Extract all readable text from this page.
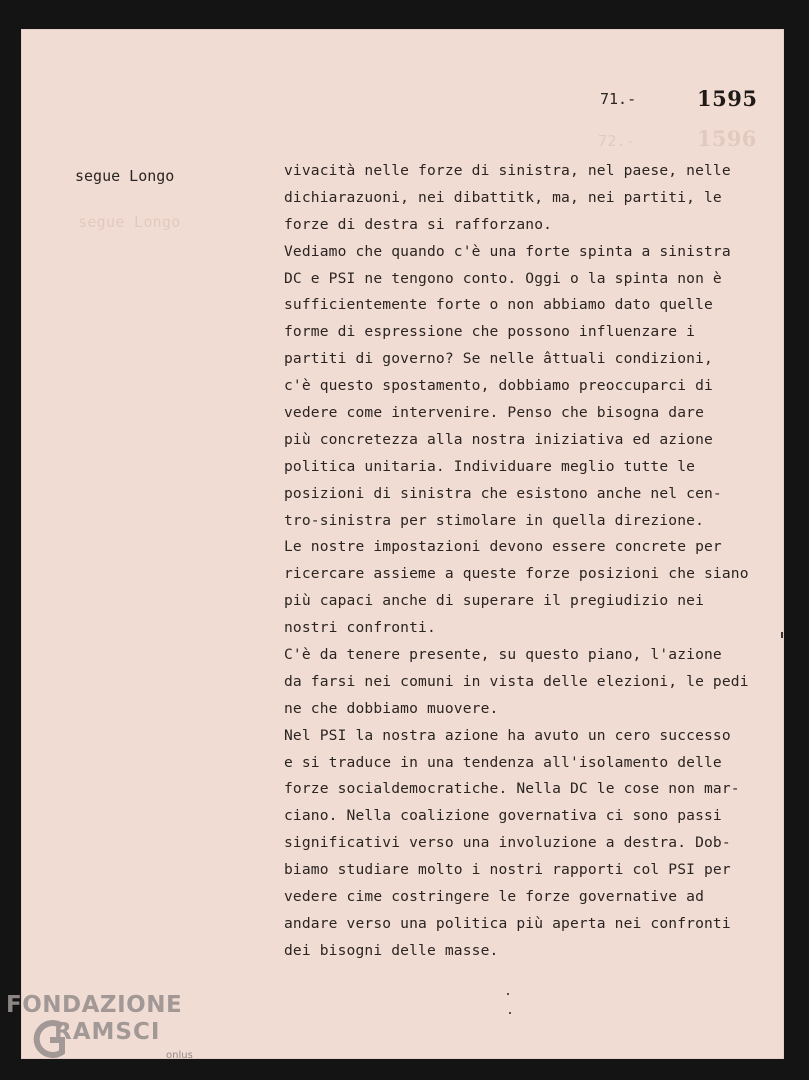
72.-	1596
segue Longo
71.-	1595
segue Longo	vivacità nelle forze di sinistra, nel paese, nelle
dichiarazuoni, nei dibattitk, ma, nei partiti, le
forze di destra si rafforzano.
Vediamo che quando c'è una forte spinta a sinistra
DC e PSI ne tengono conto. Oggi o la spinta non è
sufficientemente forte o non abbiamo dato quelle
forme di espressione che possono influenzare i
partiti di governo? Se nelle âttuali condizioni,
c'è questo spostamento, dobbiamo preoccuparci di
vedere come intervenire. Penso che bisogna dare
più concretezza alla nostra iniziativa ed azione
politica unitaria. Individuare meglio tutte le
posizioni di sinistra che esistono anche nel cen-
tro-sinistra per stimolare in quella direzione.
Le nostre impostazioni devono essere concrete per
ricercare assieme a queste forze posizioni che siano
più capaci anche di superare il pregiudizio nei
nostri confronti.
C'è da tenere presente, su questo piano, l'azione
da farsi nei comuni in vista delle elezioni, le pedi
ne che dobbiamo muovere.
Nel PSI la nostra azione ha avuto un cero successo
e si traduce in una tendenza all'isolamento delle
forze socialdemocratiche. Nella DC le cose non mar-
ciano. Nella coalizione governativa ci sono passi
significativi verso una involuzione a destra. Dob-
biamo studiare molto i nostri rapporti col PSI per
vedere cime costringere le forze governative ad
andare verso una politica più aperta nei confronti
dei bisogni delle masse.
FONDAZIONE
RAMSCI
onlus
